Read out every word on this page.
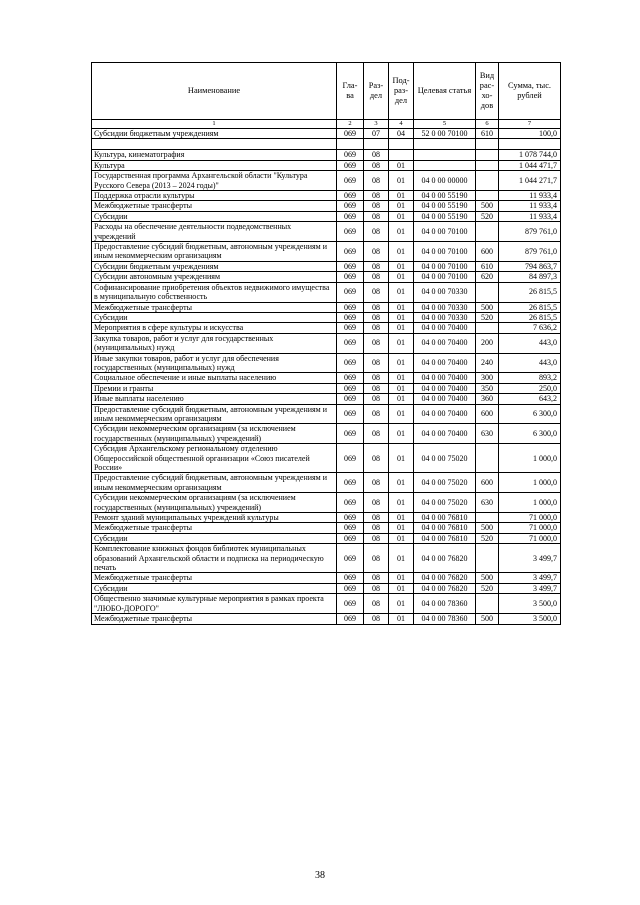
Наименование	Гла-ва	Раз-дел	Под-раз-дел	Целевая статья	Вид рас-хо-дов	Сумма, тыс. рублей
1	2	3	4	5	6	7
Субсидии бюджетным учреждениям	069	07	04	52 0 00 70100	610	100,0

Культура, кинематография	069	08				1 078 744,0
Культура	069	08	01			1 044 471,7
Государственная программа Архангельской области "Культура Русского Севера (2013 – 2024 годы)"	069	08	01	04 0 00 00000		1 044 271,7
Поддержка отрасли культуры	069	08	01	04 0 00 55190		11 933,4
Межбюджетные трансферты	069	08	01	04 0 00 55190	500	11 933,4
Субсидии	069	08	01	04 0 00 55190	520	11 933,4
Расходы на обеспечение деятельности подведомственных учреждений	069	08	01	04 0 00 70100		879 761,0
Предоставление субсидий бюджетным, автономным учреждениям и иным некоммерческим организациям	069	08	01	04 0 00 70100	600	879 761,0
Субсидии бюджетным учреждениям	069	08	01	04 0 00 70100	610	794 863,7
Субсидии автономным учреждениям	069	08	01	04 0 00 70100	620	84 897,3
Софинансирование приобретения объектов недвижимого имущества в муниципальную собственность	069	08	01	04 0 00 70330		26 815,5
Межбюджетные трансферты	069	08	01	04 0 00 70330	500	26 815,5
Субсидии	069	08	01	04 0 00 70330	520	26 815,5
Мероприятия в сфере культуры и искусства	069	08	01	04 0 00 70400		7 636,2
Закупка товаров, работ и услуг для государственных (муниципальных) нужд	069	08	01	04 0 00 70400	200	443,0
Иные закупки товаров, работ и услуг для обеспечения государственных (муниципальных) нужд	069	08	01	04 0 00 70400	240	443,0
Социальное обеспечение и иные выплаты населению	069	08	01	04 0 00 70400	300	893,2
Премии и гранты	069	08	01	04 0 00 70400	350	250,0
Иные выплаты населению	069	08	01	04 0 00 70400	360	643,2
Предоставление субсидий бюджетным, автономным учреждениям и иным некоммерческим организациям	069	08	01	04 0 00 70400	600	6 300,0
Субсидии некоммерческим организациям (за исключением государственных (муниципальных) учреждений)	069	08	01	04 0 00 70400	630	6 300,0
Субсидия Архангельскому региональному отделению Общероссийской общественной организации «Союз писателей России»	069	08	01	04 0 00 75020		1 000,0
Предоставление субсидий бюджетным, автономным учреждениям и иным некоммерческим организациям	069	08	01	04 0 00 75020	600	1 000,0
Субсидии некоммерческим организациям (за исключением государственных (муниципальных) учреждений)	069	08	01	04 0 00 75020	630	1 000,0
Ремонт зданий муниципальных учреждений культуры	069	08	01	04 0 00 76810		71 000,0
Межбюджетные трансферты	069	08	01	04 0 00 76810	500	71 000,0
Субсидии	069	08	01	04 0 00 76810	520	71 000,0
Комплектование книжных фондов библиотек муниципальных образований Архангельской области и подписка на периодическую печать	069	08	01	04 0 00 76820		3 499,7
Межбюджетные трансферты	069	08	01	04 0 00 76820	500	3 499,7
Субсидии	069	08	01	04 0 00 76820	520	3 499,7
Общественно значимые культурные мероприятия в рамках проекта "ЛЮБО-ДОРОГО"	069	08	01	04 0 00 78360		3 500,0
Межбюджетные трансферты	069	08	01	04 0 00 78360	500	3 500,0
38
